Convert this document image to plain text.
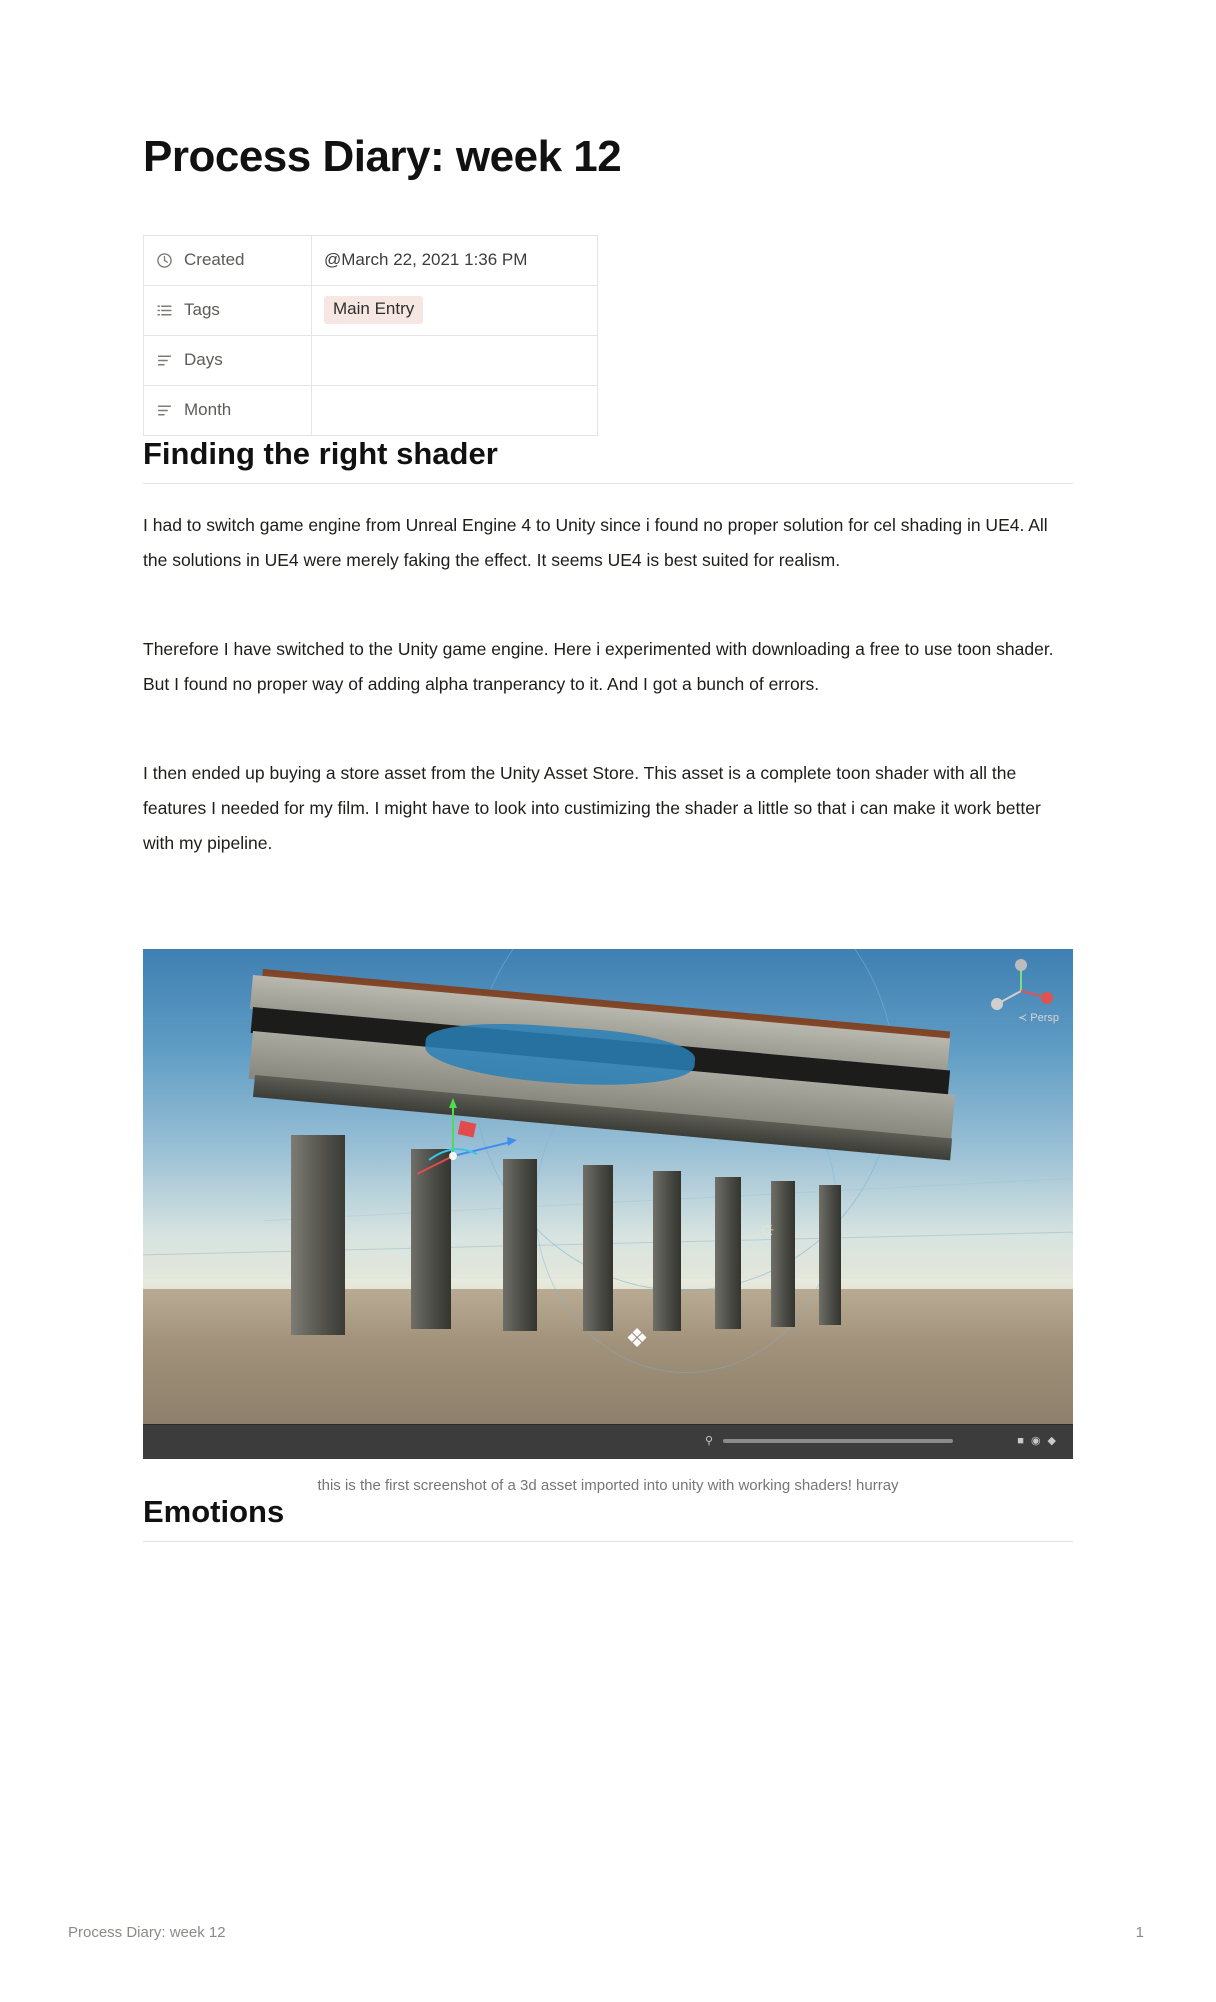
Process Diary: week 12
Created	@March 22, 2021 1:36 PM

Tags	Main Entry

Days	

Month	

Finding the right shader

I had to switch game engine from Unreal Engine 4 to Unity since i found no proper solution for cel shading in UE4. All the solutions in UE4 were merely faking the effect. It seems UE4 is best suited for realism.

Therefore I have switched to the Unity game engine. Here i experimented with downloading a free to use toon shader. But I found no proper way of adding alpha tranperancy to it. And I got a bunch of errors.

I then ended up buying a store asset from the Unity Asset Store. This asset is a complete toon shader with all the features I needed for my film. I might have to look into custimizing the shader a little so that i can make it work better with my pipeline.

☼
❖
≺ Persp
⚲	■◉◆
this is the first screenshot of a 3d asset imported into unity with working shaders! hurray
Emotions
Process Diary: week 12	1
